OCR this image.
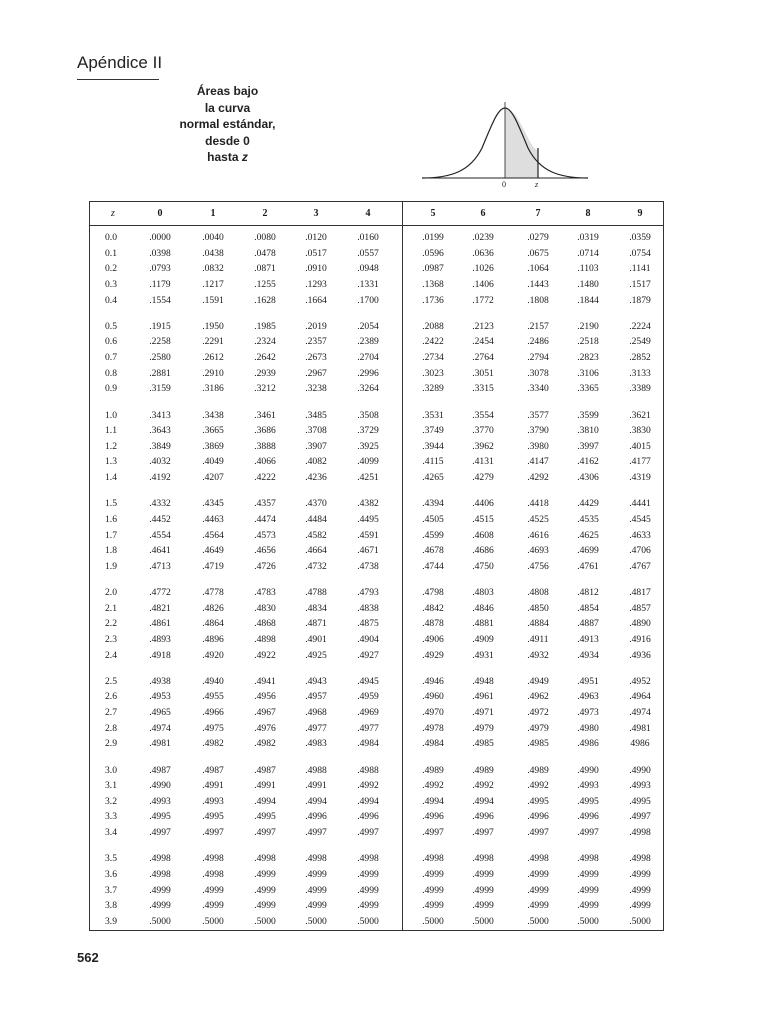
Apéndice II
Áreas bajo
la curva
normal estándar,
desde 0
hasta z
0	z
z	0	1	2	3	4	5	6	7	8	9
0.0	.0000	.0040	.0080	.0120	.0160	.0199	.0239	.0279	.0319	.0359
0.1	.0398	.0438	.0478	.0517	.0557	.0596	.0636	.0675	.0714	.0754
0.2	.0793	.0832	.0871	.0910	.0948	.0987	.1026	.1064	.1103	.1141
0.3	.1179	.1217	.1255	.1293	.1331	.1368	.1406	.1443	.1480	.1517
0.4	.1554	.1591	.1628	.1664	.1700	.1736	.1772	.1808	.1844	.1879
0.5	.1915	.1950	.1985	.2019	.2054	.2088	.2123	.2157	.2190	.2224
0.6	.2258	.2291	.2324	.2357	.2389	.2422	.2454	.2486	.2518	.2549
0.7	.2580	.2612	.2642	.2673	.2704	.2734	.2764	.2794	.2823	.2852
0.8	.2881	.2910	.2939	.2967	.2996	.3023	.3051	.3078	.3106	.3133
0.9	.3159	.3186	.3212	.3238	.3264	.3289	.3315	.3340	.3365	.3389
1.0	.3413	.3438	.3461	.3485	.3508	.3531	.3554	.3577	.3599	.3621
1.1	.3643	.3665	.3686	.3708	.3729	.3749	.3770	.3790	.3810	.3830
1.2	.3849	.3869	.3888	.3907	.3925	.3944	.3962	.3980	.3997	.4015
1.3	.4032	.4049	.4066	.4082	.4099	.4115	.4131	.4147	.4162	.4177
1.4	.4192	.4207	.4222	.4236	.4251	.4265	.4279	.4292	.4306	.4319
1.5	.4332	.4345	.4357	.4370	.4382	.4394	.4406	.4418	.4429	.4441
1.6	.4452	.4463	.4474	.4484	.4495	.4505	.4515	.4525	.4535	.4545
1.7	.4554	.4564	.4573	.4582	.4591	.4599	.4608	.4616	.4625	.4633
1.8	.4641	.4649	.4656	.4664	.4671	.4678	.4686	.4693	.4699	.4706
1.9	.4713	.4719	.4726	.4732	.4738	.4744	.4750	.4756	.4761	.4767
2.0	.4772	.4778	.4783	.4788	.4793	.4798	.4803	.4808	.4812	.4817
2.1	.4821	.4826	.4830	.4834	.4838	.4842	.4846	.4850	.4854	.4857
2.2	.4861	.4864	.4868	.4871	.4875	.4878	.4881	.4884	.4887	.4890
2.3	.4893	.4896	.4898	.4901	.4904	.4906	.4909	.4911	.4913	.4916
2.4	.4918	.4920	.4922	.4925	.4927	.4929	.4931	.4932	.4934	.4936
2.5	.4938	.4940	.4941	.4943	.4945	.4946	.4948	.4949	.4951	.4952
2.6	.4953	.4955	.4956	.4957	.4959	.4960	.4961	.4962	.4963	.4964
2.7	.4965	.4966	.4967	.4968	.4969	.4970	.4971	.4972	.4973	.4974
2.8	.4974	.4975	.4976	.4977	.4977	.4978	.4979	.4979	.4980	.4981
2.9	.4981	.4982	.4982	.4983	.4984	.4984	.4985	.4985	.4986	4986
3.0	.4987	.4987	.4987	.4988	.4988	.4989	.4989	.4989	.4990	.4990
3.1	.4990	.4991	.4991	.4991	.4992	.4992	.4992	.4992	.4993	.4993
3.2	.4993	.4993	.4994	.4994	.4994	.4994	.4994	.4995	.4995	.4995
3.3	.4995	.4995	.4995	.4996	.4996	.4996	.4996	.4996	.4996	.4997
3.4	.4997	.4997	.4997	.4997	.4997	.4997	.4997	.4997	.4997	.4998
3.5	.4998	.4998	.4998	.4998	.4998	.4998	.4998	.4998	.4998	.4998
3.6	.4998	.4998	.4999	.4999	.4999	.4999	.4999	.4999	.4999	.4999
3.7	.4999	.4999	.4999	.4999	.4999	.4999	.4999	.4999	.4999	.4999
3.8	.4999	.4999	.4999	.4999	.4999	.4999	.4999	.4999	.4999	.4999
3.9	.5000	.5000	.5000	.5000	.5000	.5000	.5000	.5000	.5000	.5000
562
